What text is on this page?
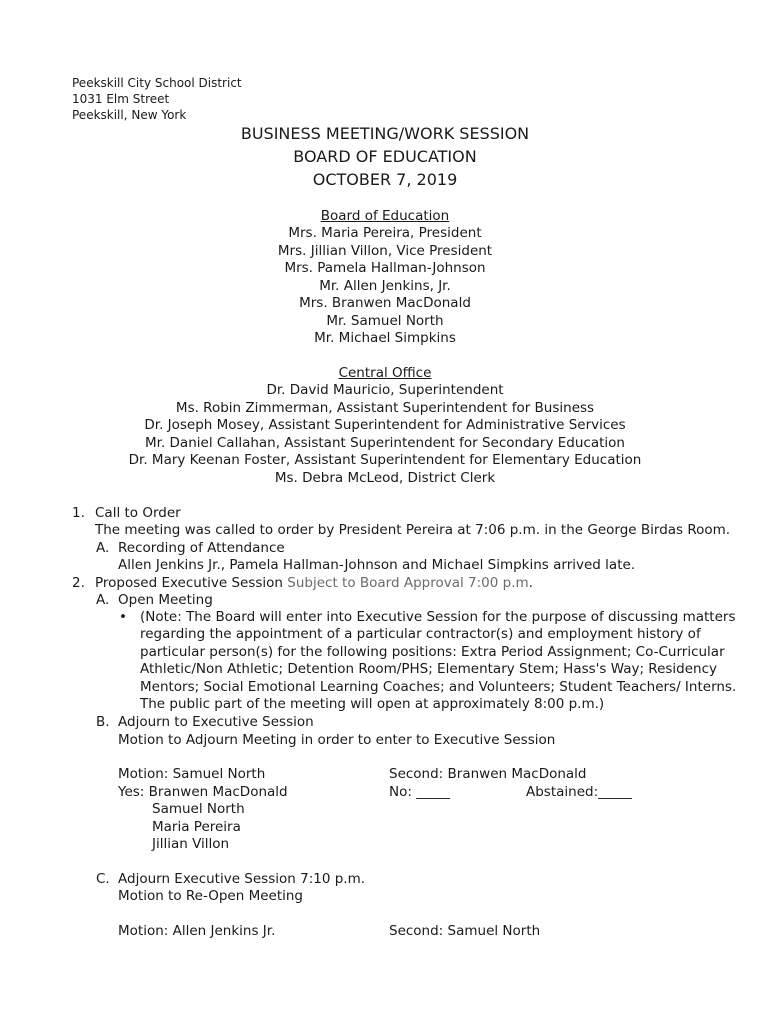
Peekskill City School District
1031 Elm Street
Peekskill, New York
BUSINESS MEETING/WORK SESSION
BOARD OF EDUCATION
OCTOBER 7, 2019
Board of Education
Mrs. Maria Pereira, President
Mrs. Jillian Villon, Vice President
Mrs. Pamela Hallman-Johnson
Mr. Allen Jenkins, Jr.
Mrs. Branwen MacDonald
Mr. Samuel North
Mr. Michael Simpkins
Central Office
Dr. David Mauricio, Superintendent
Ms. Robin Zimmerman, Assistant Superintendent for Business
Dr. Joseph Mosey, Assistant Superintendent for Administrative Services
Mr. Daniel Callahan, Assistant Superintendent for Secondary Education
Dr. Mary Keenan Foster, Assistant Superintendent for Elementary Education
Ms. Debra McLeod, District Clerk
1. Call to Order
The meeting was called to order by President Pereira at 7:06 p.m. in the George Birdas Room.
A. Recording of Attendance
Allen Jenkins Jr., Pamela Hallman-Johnson and Michael Simpkins arrived late.
2. Proposed Executive Session Subject to Board Approval 7:00 p.m.
A. Open Meeting
• (Note: The Board will enter into Executive Session for the purpose of discussing matters
regarding the appointment of a particular contractor(s) and employment history of
particular person(s) for the following positions: Extra Period Assignment; Co-Curricular
Athletic/Non Athletic; Detention Room/PHS; Elementary Stem; Hass's Way; Residency
Mentors; Social Emotional Learning Coaches; and Volunteers; Student Teachers/ Interns.
The public part of the meeting will open at approximately 8:00 p.m.)
B. Adjourn to Executive Session
Motion to Adjourn Meeting in order to enter to Executive Session
Motion: Samuel North	Second: Branwen MacDonald
Yes: Branwen MacDonald	No: _____	Abstained:_____
Samuel North
Maria Pereira
Jillian Villon
C. Adjourn Executive Session 7:10 p.m.
Motion to Re-Open Meeting
Motion: Allen Jenkins Jr.	Second: Samuel North
